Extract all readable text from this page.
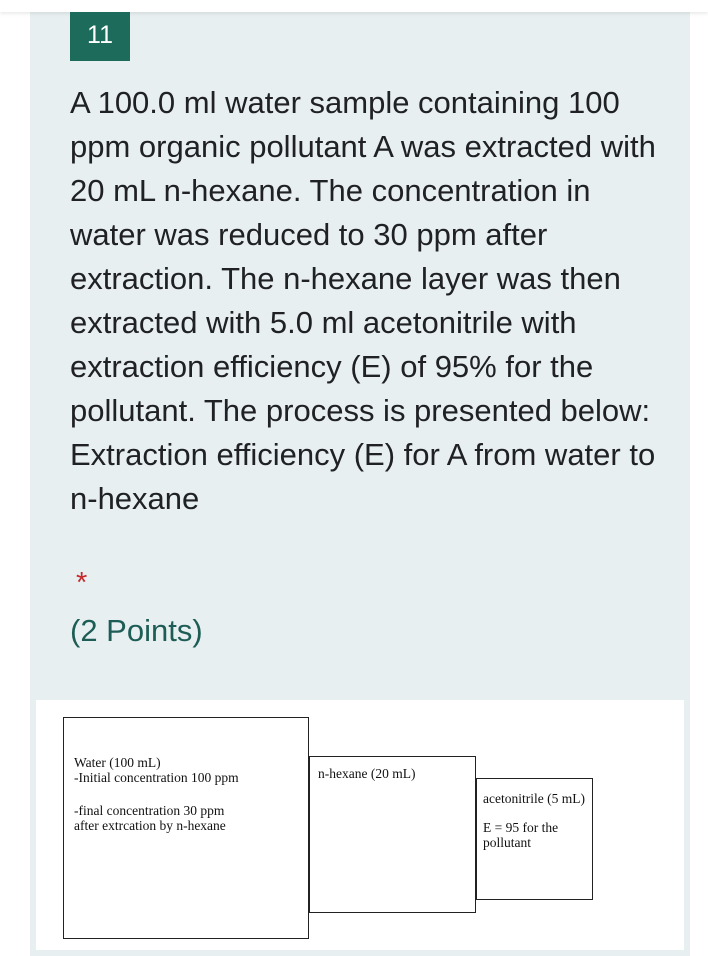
11

A 100.0 ml water sample containing 100 ppm organic pollutant A was extracted with 20 mL n-hexane. The concentration in water was reduced to 30 ppm after extraction. The n-hexane layer was then extracted with 5.0 ml acetonitrile with extraction efficiency (E) of 95% for the pollutant. The process is presented below: Extraction efficiency (E) for A from water to n-hexane

*
(2 Points)
Water (100 mL)
-Initial concentration 100 ppm
-final concentration 30 ppm
after extrcation by n-hexane
n-hexane (20 mL)
acetonitrile (5 mL)
E = 95 for the
pollutant
